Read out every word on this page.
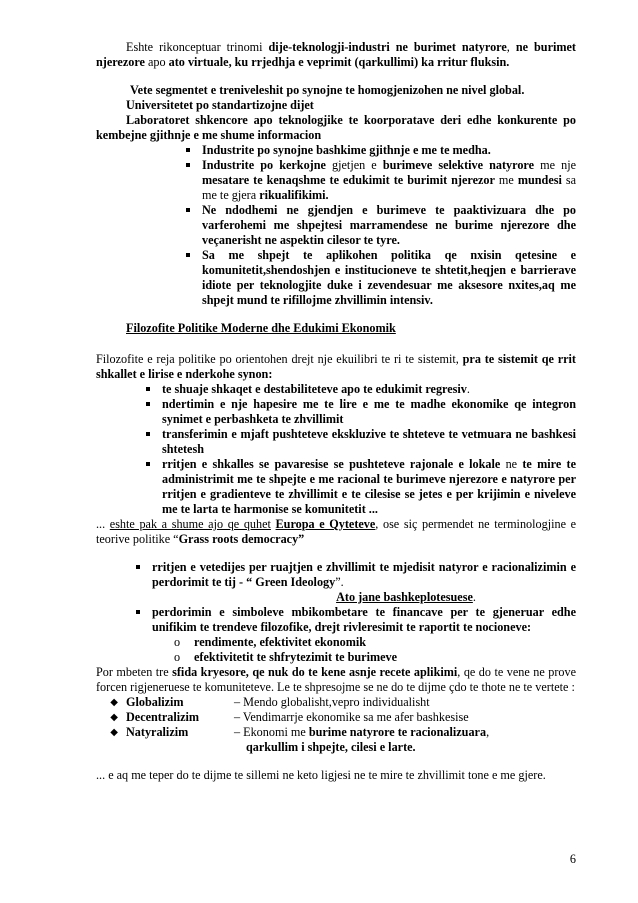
Eshte rikonceptuar trinomi dije-teknologji-industri ne burimet natyrore, ne burimet njerezore apo ato virtuale, ku rrjedhja e veprimit (qarkullimi) ka rritur fluksin.

Vete segmentet e treniveleshit po synojne te homogjenizohen ne nivel global.

Universitetet po standartizojne dijet

Laboratoret shkencore apo teknologjike te koorporatave deri edhe konkurente po kembejne gjithnje e me shume informacion

Industrite po synojne bashkime gjithnje e me te medha.
Industrite po kerkojne gjetjen e burimeve selektive natyrore me nje mesatare te kenaqshme te edukimit te burimit njerezor me mundesi sa me te gjera rikualifikimi.
Ne ndodhemi ne gjendjen e burimeve te paaktivizuara dhe po varferohemi me shpejtesi marramendese ne burime njerezore dhe veçanerisht ne aspektin cilesor te tyre.
Sa me shpejt te aplikohen politika qe nxisin qetesine e komunitetit,shendoshjen e institucioneve te shtetit,heqjen e barrierave idiote per teknologjite duke i zevendesuar me aksesore nxites,aq me shpejt mund te rifillojme zhvillimin intensiv.

Filozofite Politike Moderne dhe Edukimi Ekonomik

Filozofite e reja politike po orientohen drejt nje ekuilibri te ri te sistemit, pra te sistemit qe rrit shkallet e lirise e nderkohe synon:

te shuaje shkaqet e destabiliteteve apo te edukimit regresiv.
ndertimin e nje hapesire me te lire e me te madhe ekonomike qe integron synimet e perbashketa te zhvillimit
transferimin e mjaft pushteteve ekskluzive te shteteve te vetmuara ne bashkesi shtetesh
rritjen e shkalles se pavaresise se pushteteve rajonale e lokale ne te mire te administrimit me te shpejte e me racional te burimeve njerezore e natyrore per rritjen e gradienteve te zhvillimit e te cilesise se jetes e per krijimin e niveleve me te larta te harmonise se komunitetit ...

... eshte pak a shume ajo qe quhet Europa e Qyteteve, ose siç permendet ne terminologjine e teorive politike “Grass roots democracy”

rritjen e vetedijes per ruajtjen e zhvillimit te mjedisit natyror e racionalizimin e perdorimit te tij - “ Green Ideology”.

Ato jane bashkeplotesuese.

perdorimin e simboleve mbikombetare te financave per te gjeneruar edhe unifikim te trendeve filozofike, drejt rivleresimit te raportit te nocioneve:
o rendimente, efektivitet ekonomik
o efektivitetit te shfrytezimit te burimeve

Por mbeten tre sfida kryesore, qe nuk do te kene asnje recete aplikimi, qe do te vene ne prove forcen rigjeneruese te komuniteteve. Le te shpresojme se ne do te dijme çdo te thote ne te vertete :

◆ Globalizim	– Mendo globalisht,vepro individualisht
◆ Decentralizim	– Vendimarrje ekonomike sa me afer bashkesise
◆ Natyralizim	– Ekonomi me burime natyrore te racionalizuara,
qarkullim i shpejte, cilesi e larte.

... e aq me teper do te dijme te sillemi ne keto ligjesi ne te mire te zhvillimit tone e me gjere.

6
